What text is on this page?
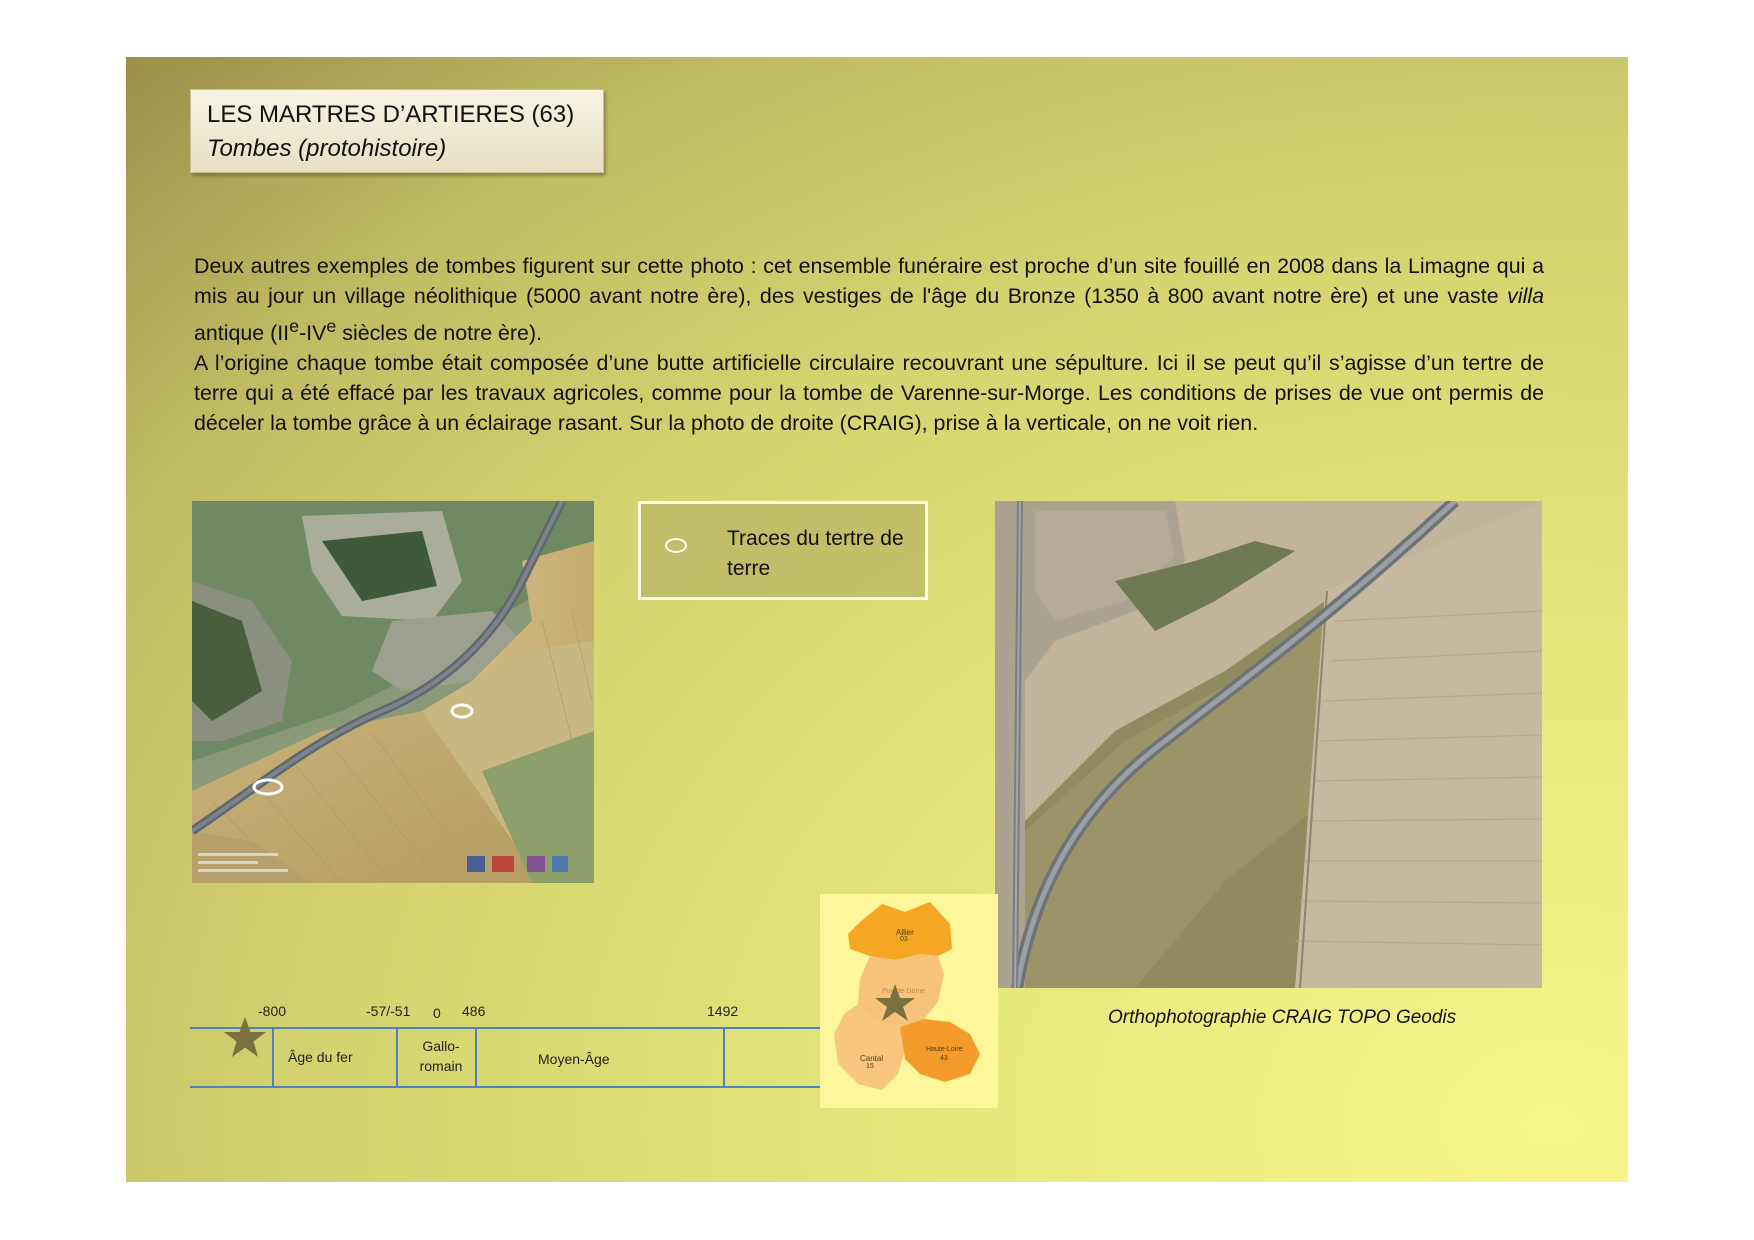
LES MARTRES D’ARTIERES (63)
Tombes (protohistoire)

Deux autres exemples de tombes figurent sur cette photo : cet ensemble funéraire est proche d’un site fouillé en 2008 dans la Limagne qui a mis au jour un village néolithique (5000 avant notre ère), des vestiges de l'âge du Bronze (1350 à 800 avant notre ère) et une vaste villa antique (IIe-IVe siècles de notre ère).

A l’origine chaque tombe était composée d’une butte artificielle circulaire recouvrant une sépulture. Ici il se peut qu’il s’agisse d’un tertre de terre qui a été effacé par les travaux agricoles, comme pour la tombe de Varenne-sur-Morge. Les conditions de prises de vue ont permis de déceler la tombe grâce à un éclairage rasant. Sur la photo de droite (CRAIG), prise à la verticale, on ne voit rien.

Traces du tertre de terre
Orthophotographie CRAIG TOPO Geodis
-800	-57/-51 0 486	1492
Âge du fer
Gallo-
romain	Moyen-Âge
Allier
03
Puy-de-Dôme
Cantal
15
Haute-Loire
43
